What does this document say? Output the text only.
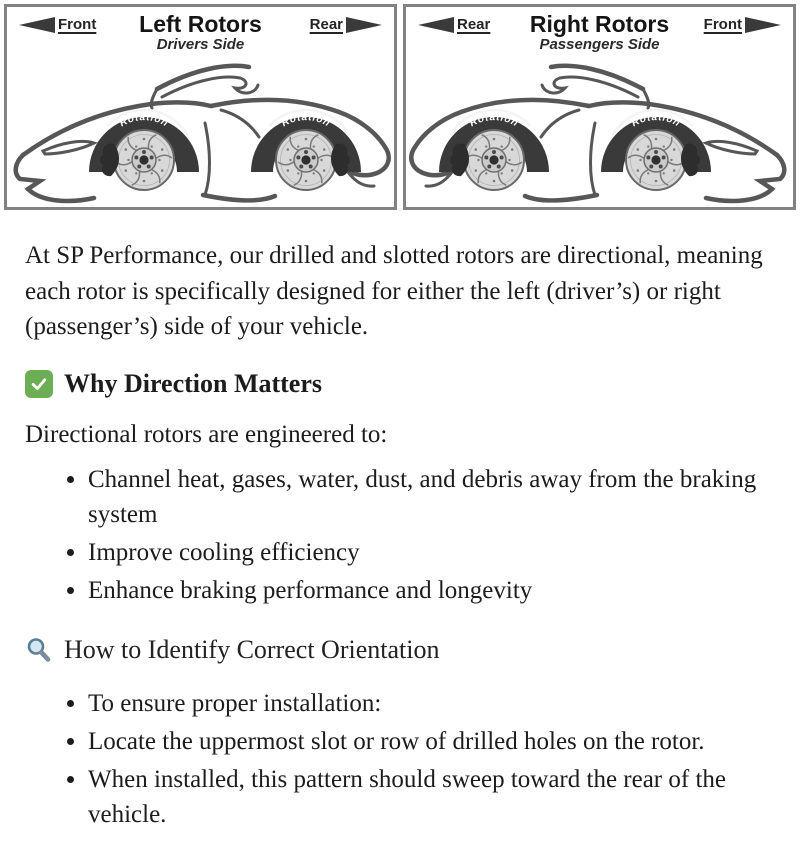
Front	Left Rotors
Drivers Side
Rear
Rotation	Rotation
Rear	Right Rotors
Passengers Side
Front
Rotation
Rotation

At SP Performance, our drilled and slotted rotors are directional, meaning each rotor is specifically designed for either the left (driver’s) or right (passenger’s) side of your vehicle.

Why Direction Matters

Directional rotors are engineered to:

• Channel heat, gases, water, dust, and debris away from the braking system
• Improve cooling efficiency
• Enhance braking performance and longevity
How to Identify Correct Orientation
• To ensure proper installation:
• Locate the uppermost slot or row of drilled holes on the rotor.
• When installed, this pattern should sweep toward the rear of the vehicle.
